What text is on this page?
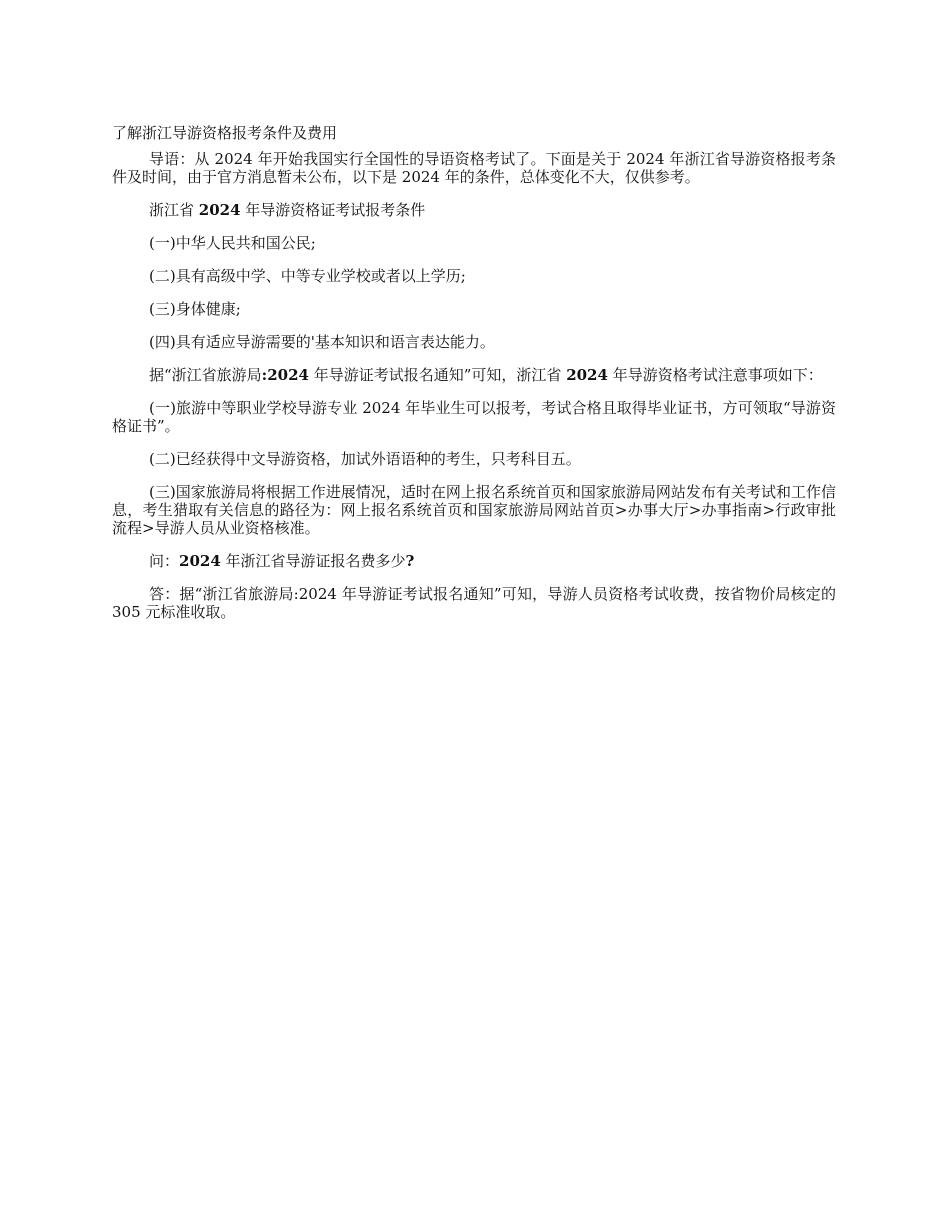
了解浙江导游资格报考条件及费用

导语：从 2024 年开始我国实行全国性的导语资格考试了。下面是关于 2024 年浙江省导游资格报考条件及时间，由于官方消息暂未公布，以下是 2024 年的条件，总体变化不大，仅供参考。

浙江省 2024 年导游资格证考试报考条件

(一)中华人民共和国公民;

(二)具有高级中学、中等专业学校或者以上学历;

(三)身体健康;

(四)具有适应导游需要的'基本知识和语言表达能力。

据“浙江省旅游局:2024 年导游证考试报名通知”可知，浙江省 2024 年导游资格考试注意事项如下：

(一)旅游中等职业学校导游专业 2024 年毕业生可以报考，考试合格且取得毕业证书，方可领取“导游资格证书”。

(二)已经获得中文导游资格，加试外语语种的考生，只考科目五。

(三)国家旅游局将根据工作进展情况，适时在网上报名系统首页和国家旅游局网站发布有关考试和工作信息，考生猎取有关信息的路径为：网上报名系统首页和国家旅游局网站首页>办事大厅>办事指南>行政审批流程>导游人员从业资格核准。

问：2024 年浙江省导游证报名费多少?

答：据“浙江省旅游局:2024 年导游证考试报名通知”可知，导游人员资格考试收费，按省物价局核定的 305 元标准收取。
